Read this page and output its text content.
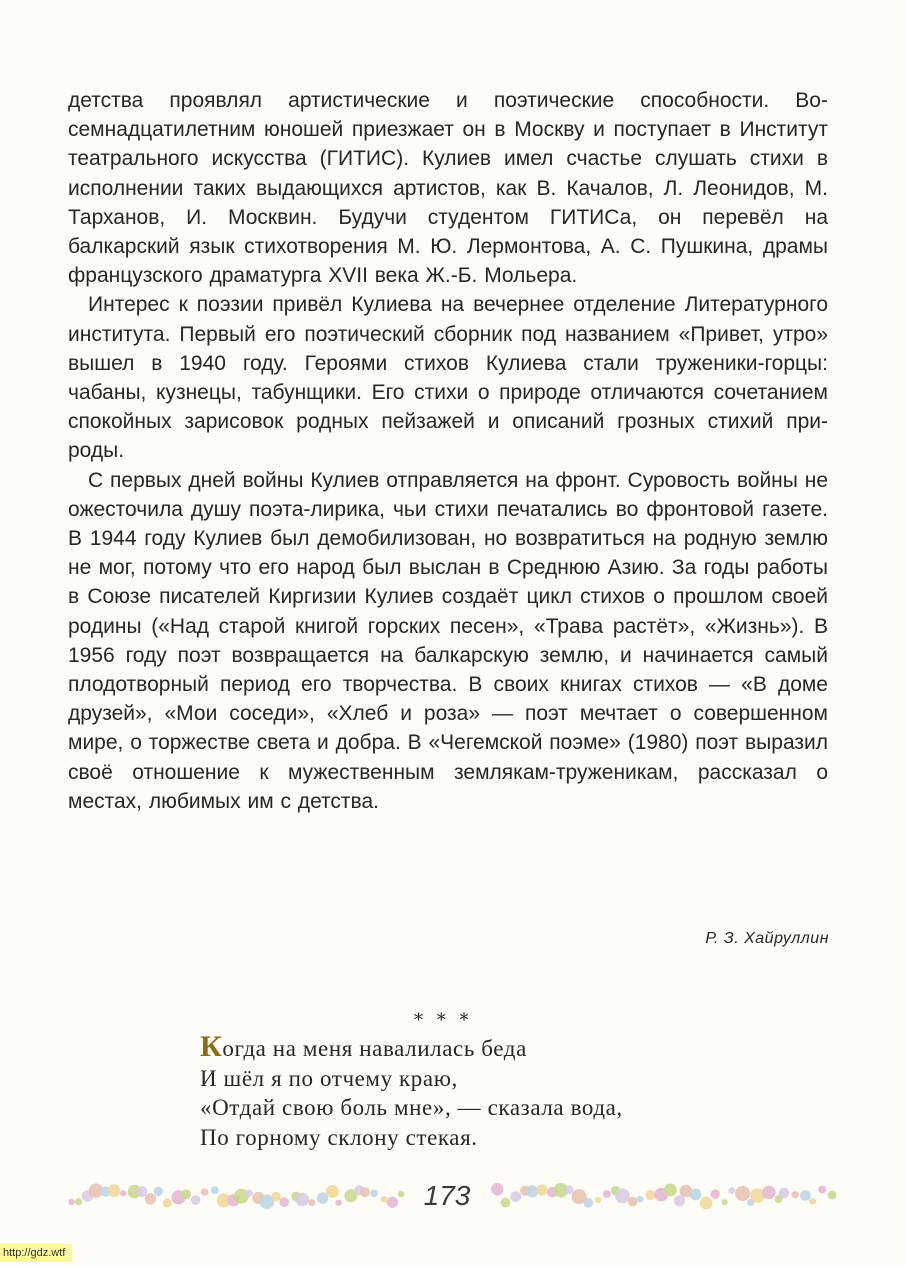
детства проявлял артистические и поэтические способности. Восемнадцатилетним юношей приезжает он в Москву и поступает в Институт театрального искусства (ГИТИС). Кулиев имел счастье слушать стихи в исполнении таких выдающихся артистов, как В. Качалов, Л. Леонидов, М. Тарханов, И. Москвин. Будучи студентом ГИТИСа, он перевёл на балкарский язык стихотворения М. Ю. Лермонтова, А. С. Пушкина, драмы французского драматурга XVII века Ж.-Б. Мольера.

Интерес к поэзии привёл Кулиева на вечернее отделение Литературного института. Первый его поэтический сборник под названием «Привет, утро» вышел в 1940 году. Героями стихов Кулиева стали труженики-горцы: чабаны, кузнецы, табунщики. Его стихи о природе отличаются сочетанием спокойных зарисовок родных пейзажей и описаний грозных стихий природы.

С первых дней войны Кулиев отправляется на фронт. Суровость войны не ожесточила душу поэта-лирика, чьи стихи печатались во фронтовой газете. В 1944 году Кулиев был демобилизован, но возвратиться на родную землю не мог, потому что его народ был выслан в Среднюю Азию. За годы работы в Союзе писателей Киргизии Кулиев создаёт цикл стихов о прошлом своей родины («Над старой книгой горских песен», «Трава растёт», «Жизнь»). В 1956 году поэт возвращается на балкарскую землю, и начинается самый плодотворный период его творчества. В своих книгах стихов — «В доме друзей», «Мои соседи», «Хлеб и роза» — поэт мечтает о совершенном мире, о торжестве света и добра. В «Чегемской поэме» (1980) поэт выразил своё отношение к мужественным землякам-тружeникам, рассказал о местах, любимых им с детства.

Р. З. Хайруллин
* * *
Когда на меня навалилась беда
И шёл я по отчему краю,
«Отдай свою боль мне», — сказала вода,
По горному склону стекая.
173
http://gdz.wtf
